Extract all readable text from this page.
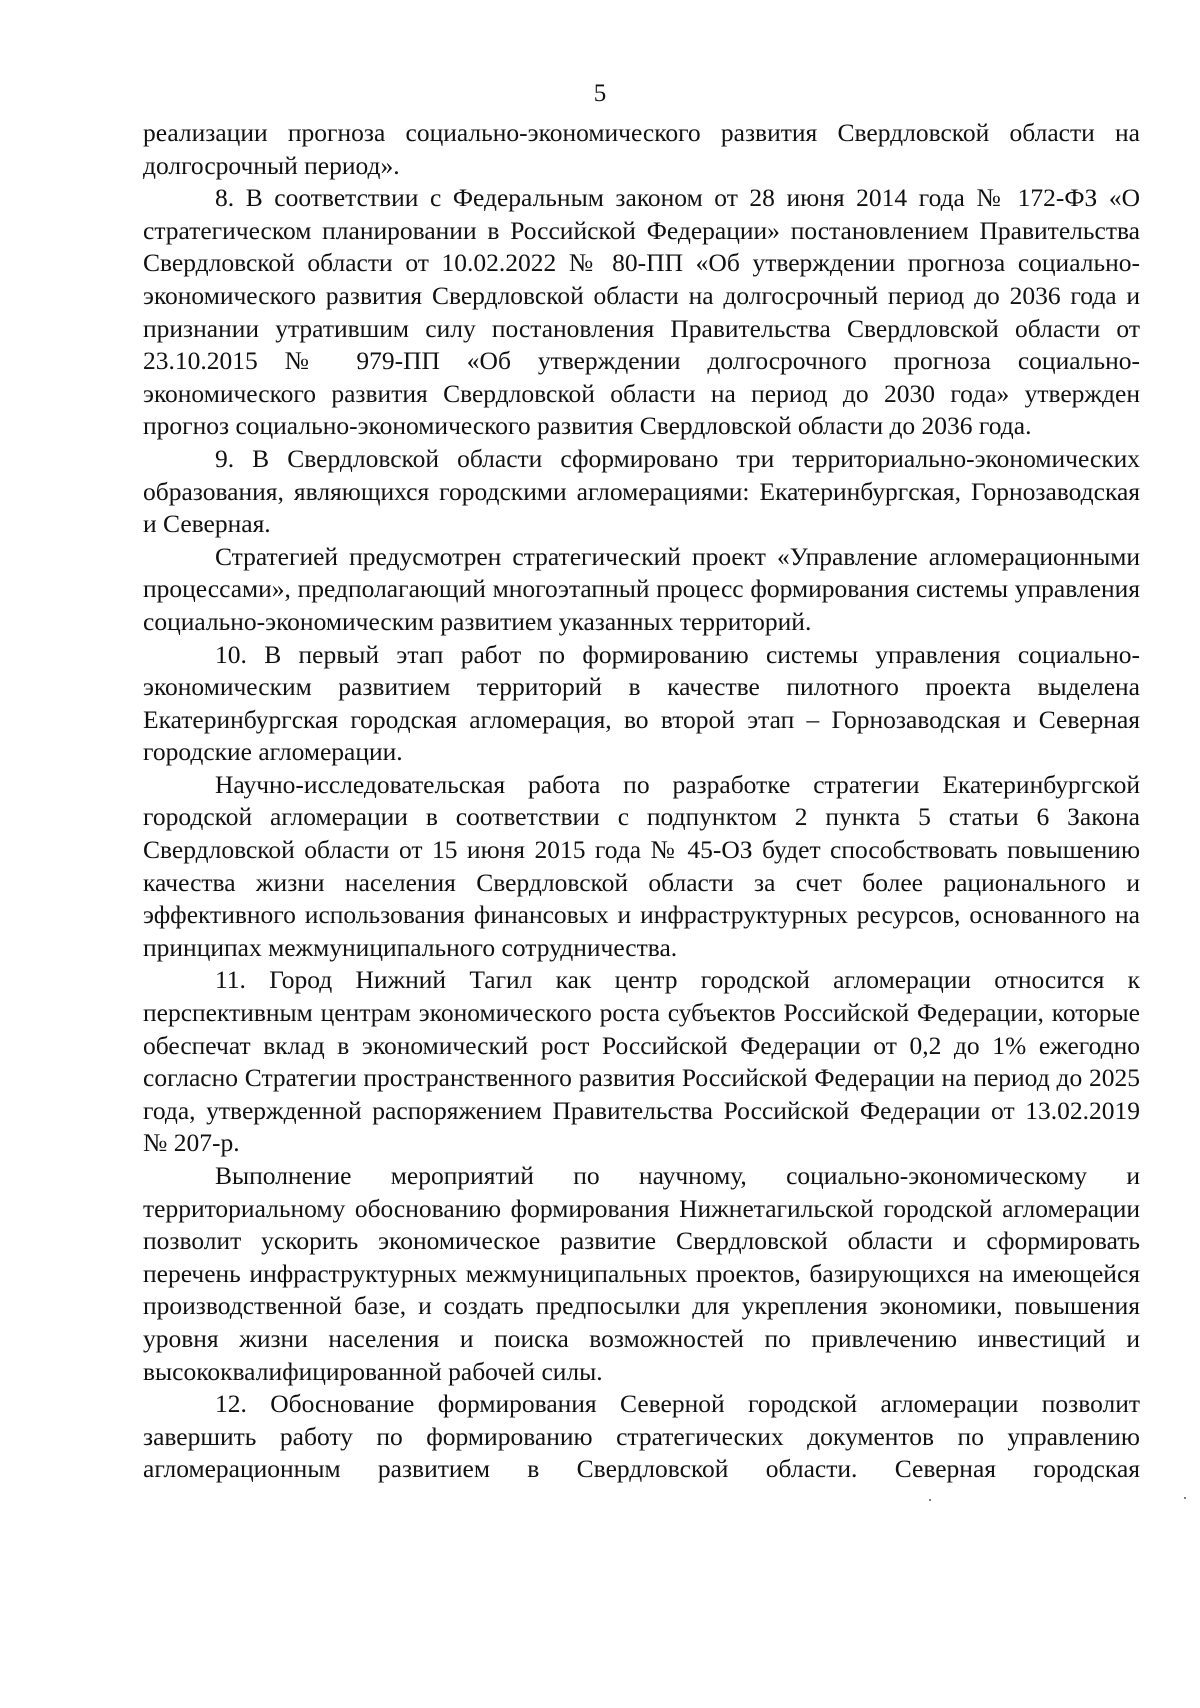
5

реализации прогноза социально-экономического развития Свердловской области на долгосрочный период».

8. В соответствии с Федеральным законом от 28 июня 2014 года № 172-ФЗ «О стратегическом планировании в Российской Федерации» постановлением Правительства Свердловской области от 10.02.2022 № 80-ПП «Об утверждении прогноза социально-экономического развития Свердловской области на долгосрочный период до 2036 года и признании утратившим силу постановления Правительства Свердловской области от 23.10.2015 № 979-ПП «Об утверждении долгосрочного прогноза социально-экономического развития Свердловской области на период до 2030 года» утвержден прогноз социально-экономического развития Свердловской области до 2036 года.

9. В Свердловской области сформировано три территориально-экономических образования, являющихся городскими агломерациями: Екатеринбургская, Горнозаводская и Северная.

Стратегией предусмотрен стратегический проект «Управление агломерационными процессами», предполагающий многоэтапный процесс формирования системы управления социально-экономическим развитием указанных территорий.

10. В первый этап работ по формированию системы управления социально-экономическим развитием территорий в качестве пилотного проекта выделена Екатеринбургская городская агломерация, во второй этап – Горнозаводская и Северная городские агломерации.

Научно-исследовательская работа по разработке стратегии Екатеринбургской городской агломерации в соответствии с подпунктом 2 пункта 5 статьи 6 Закона Свердловской области от 15 июня 2015 года № 45-ОЗ будет способствовать повышению качества жизни населения Свердловской области за счет более рационального и эффективного использования финансовых и инфраструктурных ресурсов, основанного на принципах межмуниципального сотрудничества.

11. Город Нижний Тагил как центр городской агломерации относится к перспективным центрам экономического роста субъектов Российской Федерации, которые обеспечат вклад в экономический рост Российской Федерации от 0,2 до 1% ежегодно согласно Стратегии пространственного развития Российской Федерации на период до 2025 года, утвержденной распоряжением Правительства Российской Федерации от 13.02.2019 № 207-р.

Выполнение мероприятий по научному, социально-экономическому и территориальному обоснованию формирования Нижнетагильской городской агломерации позволит ускорить экономическое развитие Свердловской области и сформировать перечень инфраструктурных межмуниципальных проектов, базирующихся на имеющейся производственной базе, и создать предпосылки для укрепления экономики, повышения уровня жизни населения и поиска возможностей по привлечению инвестиций и высококвалифицированной рабочей силы.

12. Обоснование формирования Северной городской агломерации позволит завершить работу по формированию стратегических документов по управлению агломерационным развитием в Свердловской области. Северная городская
